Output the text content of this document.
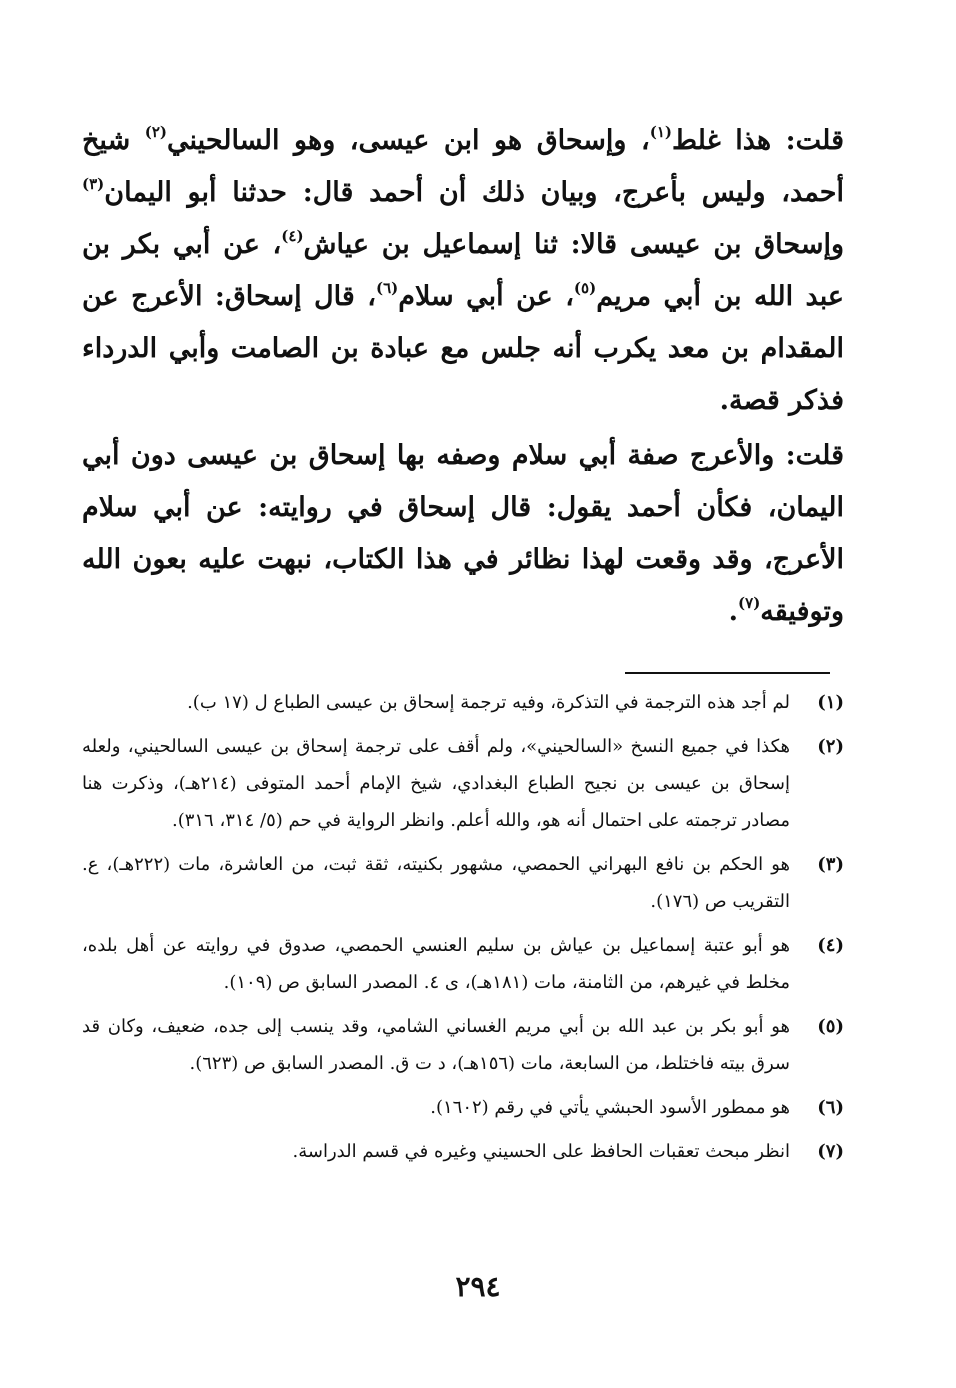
قلت: هذا غلط$^{(١)}$، وإسحاق هو ابن عيسى، وهو السالحيني$^{(٢)}$ شيخ أحمد، وليس بأعرج، وبيان ذلك أن أحمد قال: حدثنا أبو اليمان$^{(٣)}$ وإسحاق بن عيسى قالا: ثنا إسماعيل بن عياش$^{(٤)}$، عن أبي بكر بن عبد الله بن أبي مريم$^{(٥)}$، عن أبي سلام$^{(٦)}$، قال إسحاق: الأعرج عن المقدام بن معد يكرب أنه جلس مع عبادة بن الصامت وأبي الدرداء فذكر قصة.

قلت: والأعرج صفة أبي سلام وصفه بها إسحاق بن عيسى دون أبي اليمان، فكأن أحمد يقول: قال إسحاق في روايته: عن أبي سلام الأعرج، وقد وقعت لهذا نظائر في هذا الكتاب، نبهت عليه بعون الله وتوفيقه$^{(٧)}$.

(١)
لم أجد هذه الترجمة في التذكرة، وفيه ترجمة إسحاق بن عيسى الطباع ل (١٧ ب).
(٢)
هكذا في جميع النسخ «السالحيني»، ولم أقف على ترجمة إسحاق بن عيسى السالحيني، ولعله إسحاق بن عيسى بن نجيح الطباع البغدادي، شيخ الإمام أحمد المتوفى (٢١٤هـ)، وذكرت هنا مصادر ترجمته على احتمال أنه هو، والله أعلم. وانظر الرواية في حم (٥/ ٣١٤، ٣١٦).
(٣)
هو الحكم بن نافع البهراني الحمصي، مشهور بكنيته، ثقة ثبت، من العاشرة، مات (٢٢٢هـ)، ع. التقريب ص (١٧٦).
(٤)
هو أبو عتبة إسماعيل بن عياش بن سليم العنسي الحمصي، صدوق في روايته عن أهل بلده، مخلط في غيرهم، من الثامنة، مات (١٨١هـ)، ى ٤. المصدر السابق ص (١٠٩).
(٥)
هو أبو بكر بن عبد الله بن أبي مريم الغساني الشامي، وقد ينسب إلى جده، ضعيف، وكان قد سرق بيته فاختلط، من السابعة، مات (١٥٦هـ)، د ت ق. المصدر السابق ص (٦٢٣).
(٦)
هو ممطور الأسود الحبشي يأتي في رقم (١٦٠٢).
(٧)
انظر مبحث تعقبات الحافظ على الحسيني وغيره في قسم الدراسة.
٢٩٤
